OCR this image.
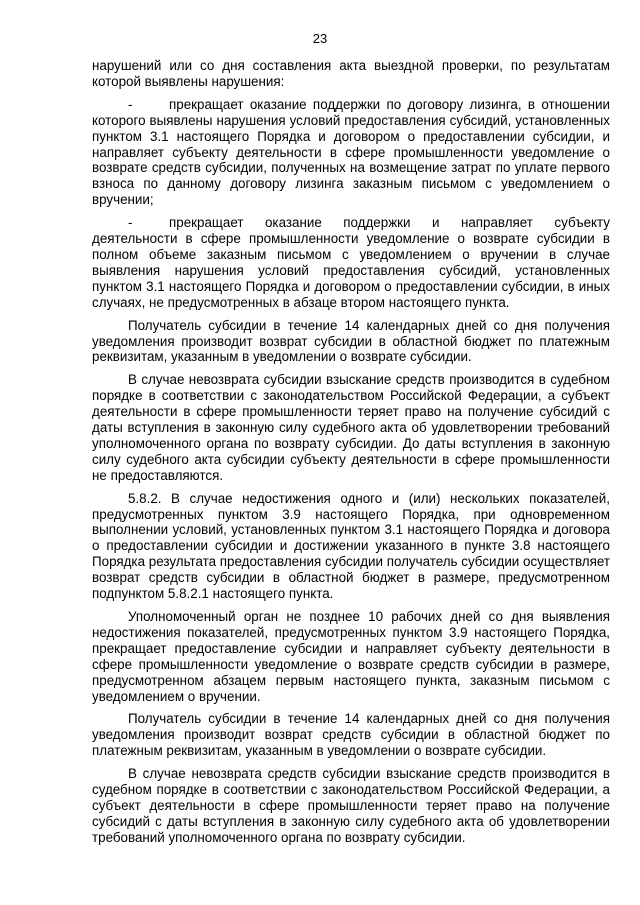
23

нарушений или со дня составления акта выездной проверки, по результатам которой выявлены нарушения:

-	прекращает оказание поддержки по договору лизинга, в отношении которого выявлены нарушения условий предоставления субсидий, установленных пунктом 3.1 настоящего Порядка и договором о предоставлении субсидии, и направляет субъекту деятельности в сфере промышленности уведомление о возврате средств субсидии, полученных на возмещение затрат по уплате первого взноса по данному договору лизинга заказным письмом с уведомлением о вручении;

-	прекращает оказание поддержки и направляет субъекту деятельности в сфере промышленности уведомление о возврате субсидии в полном объеме заказным письмом с уведомлением о вручении в случае выявления нарушения условий предоставления субсидий, установленных пунктом 3.1 настоящего Порядка и договором о предоставлении субсидии, в иных случаях, не предусмотренных в абзаце втором настоящего пункта.

Получатель субсидии в течение 14 календарных дней со дня получения уведомления производит возврат субсидии в областной бюджет по платежным реквизитам, указанным в уведомлении о возврате субсидии.

В случае невозврата субсидии взыскание средств производится в судебном порядке в соответствии с законодательством Российской Федерации, а субъект деятельности в сфере промышленности теряет право на получение субсидий с даты вступления в законную силу судебного акта об удовлетворении требований уполномоченного органа по возврату субсидии. До даты вступления в законную силу судебного акта субсидии субъекту деятельности в сфере промышленности не предоставляются.

5.8.2. В случае недостижения одного и (или) нескольких показателей, предусмотренных пунктом 3.9 настоящего Порядка, при одновременном выполнении условий, установленных пунктом 3.1 настоящего Порядка и договора о предоставлении субсидии и достижении указанного в пункте 3.8 настоящего Порядка результата предоставления субсидии получатель субсидии осуществляет возврат средств субсидии в областной бюджет в размере, предусмотренном подпунктом 5.8.2.1 настоящего пункта.

Уполномоченный орган не позднее 10 рабочих дней со дня выявления недостижения показателей, предусмотренных пунктом 3.9 настоящего Порядка, прекращает предоставление субсидии и направляет субъекту деятельности в сфере промышленности уведомление о возврате средств субсидии в размере, предусмотренном абзацем первым настоящего пункта, заказным письмом с уведомлением о вручении.

Получатель субсидии в течение 14 календарных дней со дня получения уведомления производит возврат средств субсидии в областной бюджет по платежным реквизитам, указанным в уведомлении о возврате субсидии.

В случае невозврата средств субсидии взыскание средств производится в судебном порядке в соответствии с законодательством Российской Федерации, а субъект деятельности в сфере промышленности теряет право на получение субсидий с даты вступления в законную силу судебного акта об удовлетворении требований уполномоченного органа по возврату субсидии.
